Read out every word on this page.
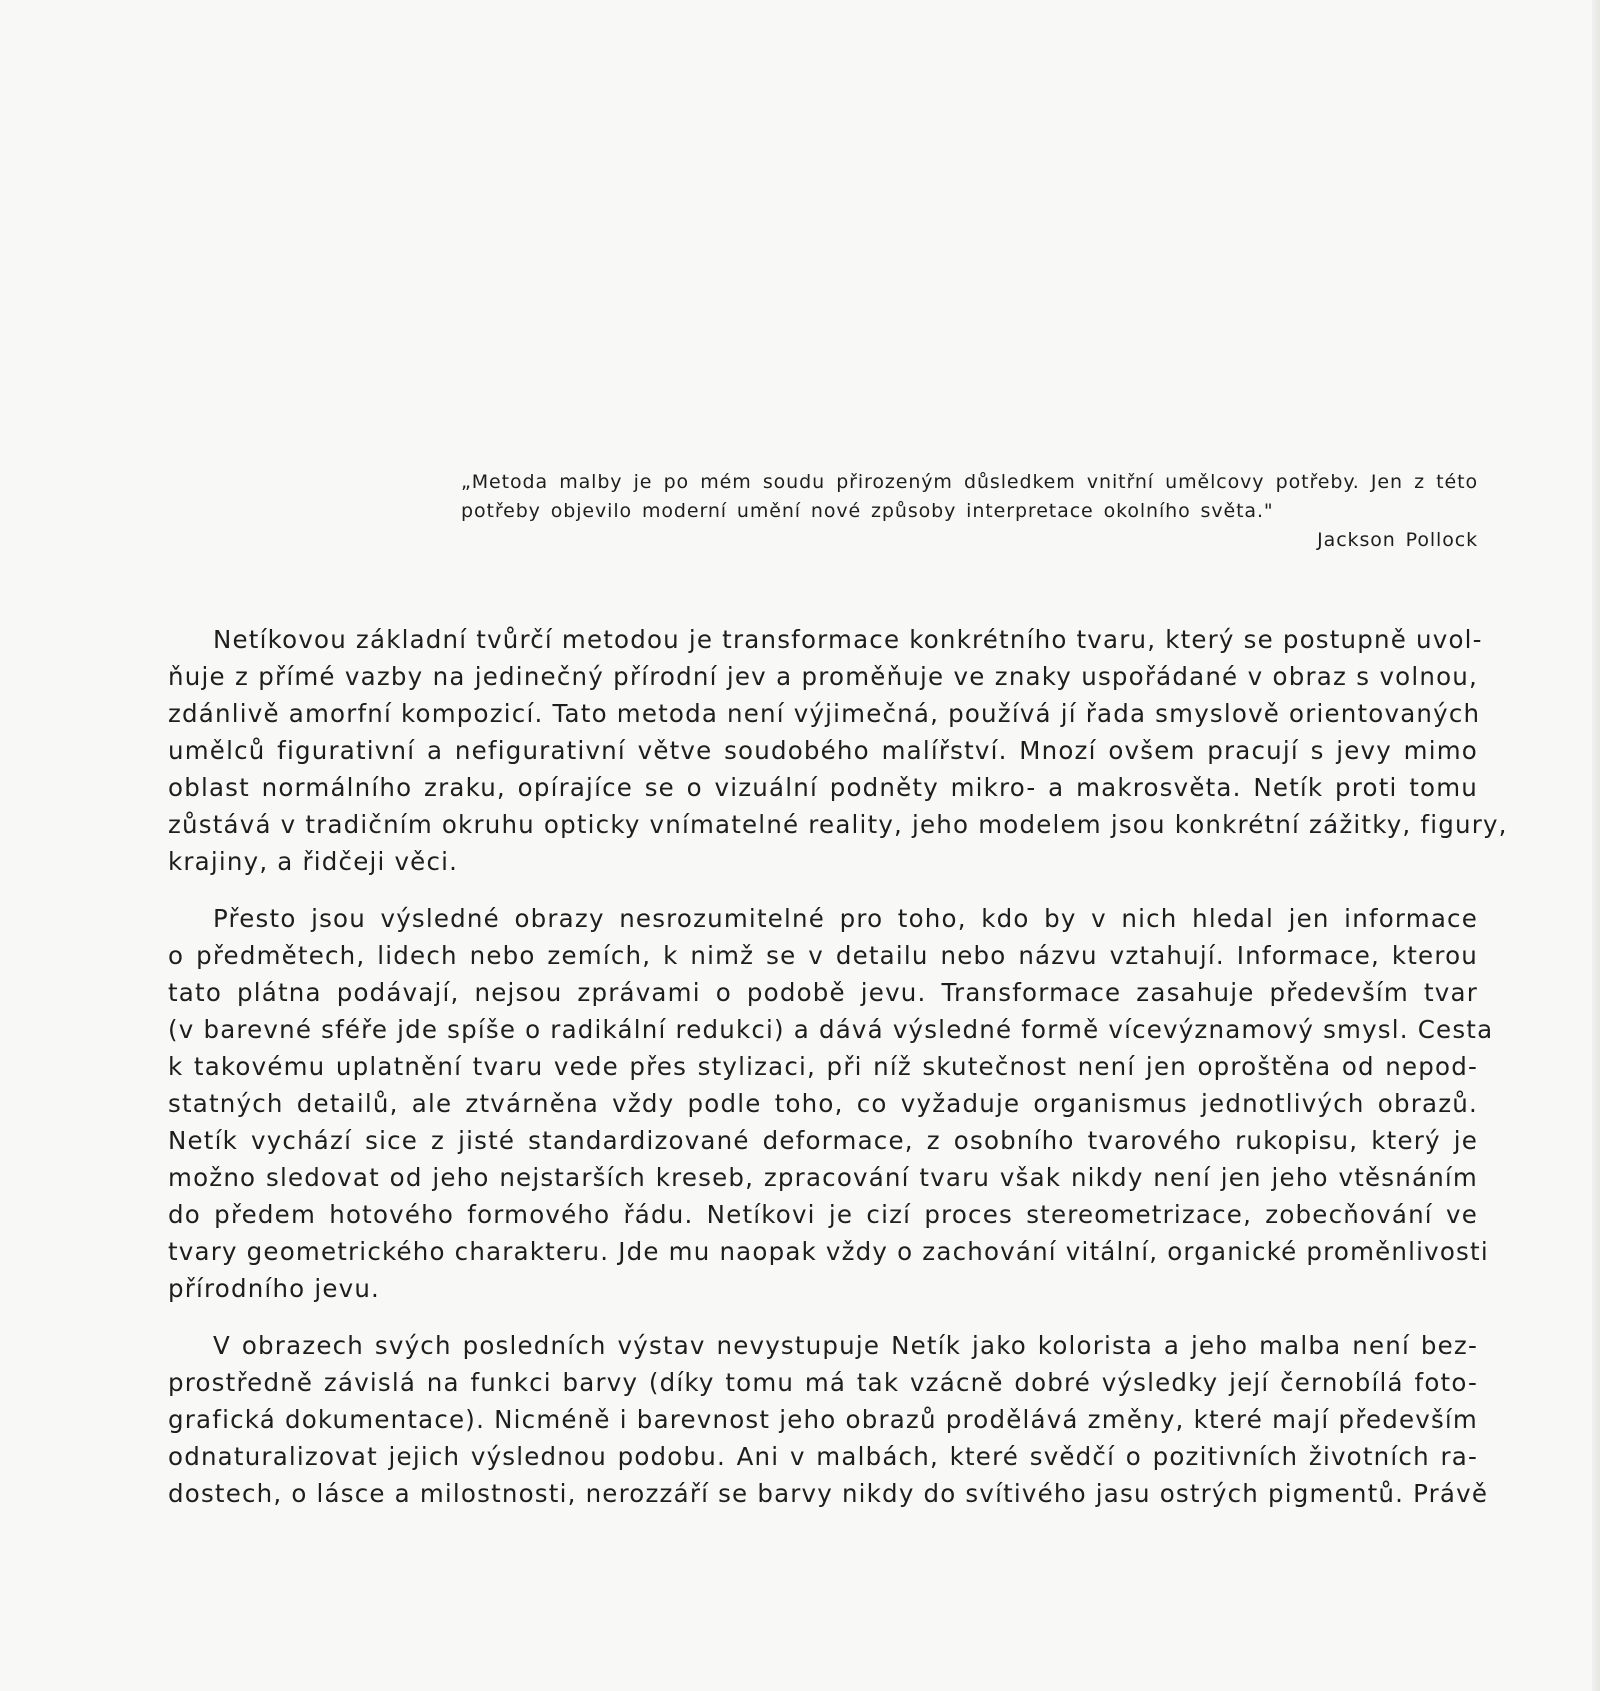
„Metoda malby je po mém soudu přirozeným důsledkem vnitřní umělcovy potřeby. Jen z této
potřeby objevilo moderní umění nové způsoby interpretace okolního světa."
Jackson Pollock
Netíkovou základní tvůrčí metodou je transformace konkrétního tvaru, který se postupně uvol-
ňuje z přímé vazby na jedinečný přírodní jev a proměňuje ve znaky uspořádané v obraz s volnou,
zdánlivě amorfní kompozicí. Tato metoda není výjimečná, používá jí řada smyslově orientovaných
umělců figurativní a nefigurativní větve soudobého malířství. Mnozí ovšem pracují s jevy mimo
oblast normálního zraku, opírajíce se o vizuální podněty mikro- a makrosvěta. Netík proti tomu
zůstává v tradičním okruhu opticky vnímatelné reality, jeho modelem jsou konkrétní zážitky, figury,
krajiny, a řidčeji věci.
Přesto jsou výsledné obrazy nesrozumitelné pro toho, kdo by v nich hledal jen informace
o předmětech, lidech nebo zemích, k nimž se v detailu nebo názvu vztahují. Informace, kterou
tato plátna podávají, nejsou zprávami o podobě jevu. Transformace zasahuje především tvar
(v barevné sféře jde spíše o radikální redukci) a dává výsledné formě vícevýznamový smysl. Cesta
k takovému uplatnění tvaru vede přes stylizaci, při níž skutečnost není jen oproštěna od nepod-
statných detailů, ale ztvárněna vždy podle toho, co vyžaduje organismus jednotlivých obrazů.
Netík vychází sice z jisté standardizované deformace, z osobního tvarového rukopisu, který je
možno sledovat od jeho nejstarších kreseb, zpracování tvaru však nikdy není jen jeho vtěsnáním
do předem hotového formového řádu. Netíkovi je cizí proces stereometrizace, zobecňování ve
tvary geometrického charakteru. Jde mu naopak vždy o zachování vitální, organické proměnlivosti
přírodního jevu.
V obrazech svých posledních výstav nevystupuje Netík jako kolorista a jeho malba není bez-
prostředně závislá na funkci barvy (díky tomu má tak vzácně dobré výsledky její černobílá foto-
grafická dokumentace). Nicméně i barevnost jeho obrazů prodělává změny, které mají především
odnaturalizovat jejich výslednou podobu. Ani v malbách, které svědčí o pozitivních životních ra-
dostech, o lásce a milostnosti, nerozzáří se barvy nikdy do svítivého jasu ostrých pigmentů. Právě
